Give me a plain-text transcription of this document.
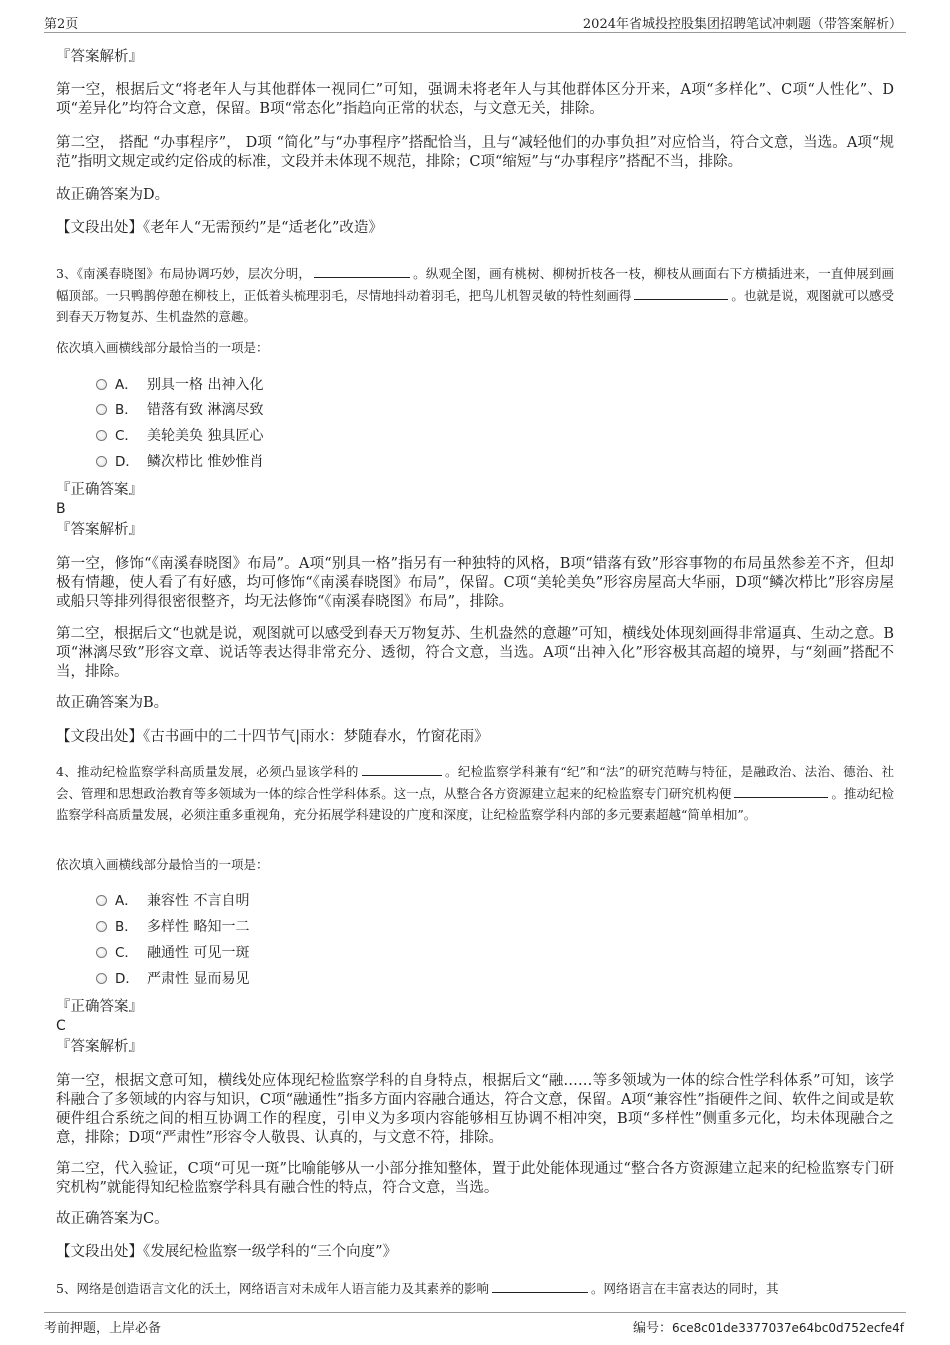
第2页	2024年省城投控股集团招聘笔试冲刺题（带答案解析）
『答案解析』
第一空，根据后文“将老年人与其他群体一视同仁”可知，强调未将老年人与其他群体区分开来，A项“多样化”、C项“人性化”、D项“差异化”均符合文意，保留。B项“常态化”指趋向正常的状态，与文意无关，排除。
第二空， 搭配 “办事程序”， D项 “简化”与“办事程序”搭配恰当，且与“减轻他们的办事负担”对应恰当，符合文意，当选。A项“规范”指明文规定或约定俗成的标准，文段并未体现不规范，排除；C项“缩短”与“办事程序”搭配不当，排除。
故正确答案为D。
【文段出处】《老年人“无需预约”是“适老化”改造》
3、《南溪春晓图》布局协调巧妙，层次分明，	。纵观全图，画有桃树、柳树折枝各一枝，柳枝从画面右下方横插进来，一直伸展到画幅顶部。一只鸭鹊停憩在柳枝上，正低着头梳理羽毛，尽情地抖动着羽毛，把鸟儿机智灵敏的特性刻画得	。也就是说，观图就可以感受到春天万物复苏、生机盎然的意趣。
依次填入画横线部分最恰当的一项是：
A． 别具一格 出神入化
B． 错落有致 淋漓尽致
C． 美轮美奂 独具匠心
D． 鳞次栉比 惟妙惟肖
『正确答案』
B
『答案解析』
第一空，修饰“《南溪春晓图》布局”。A项“别具一格”指另有一种独特的风格，B项“错落有致”形容事物的布局虽然参差不齐，但却极有情趣，使人看了有好感，均可修饰“《南溪春晓图》布局”，保留。C项“美轮美奂”形容房屋高大华丽，D项“鳞次栉比”形容房屋或船只等排列得很密很整齐，均无法修饰“《南溪春晓图》布局”，排除。
第二空，根据后文“也就是说，观图就可以感受到春天万物复苏、生机盎然的意趣”可知，横线处体现刻画得非常逼真、生动之意。B项“淋漓尽致”形容文章、说话等表达得非常充分、透彻，符合文意，当选。A项“出神入化”形容极其高超的境界，与“刻画”搭配不当，排除。
故正确答案为B。
【文段出处】《古书画中的二十四节气|雨水：梦随春水，竹窗花雨》
4、推动纪检监察学科高质量发展，必须凸显该学科的	。纪检监察学科兼有“纪”和“法”的研究范畴与特征，是融政治、法治、德治、社会、管理和思想政治教育等多领域为一体的综合性学科体系。这一点，从整合各方资源建立起来的纪检监察专门研究机构便	。推动纪检监察学科高质量发展，必须注重多重视角，充分拓展学科建设的广度和深度，让纪检监察学科内部的多元要素超越“简单相加”。
依次填入画横线部分最恰当的一项是：
A． 兼容性 不言自明
B． 多样性 略知一二
C． 融通性 可见一斑
D． 严肃性 显而易见
『正确答案』
C
『答案解析』
第一空，根据文意可知，横线处应体现纪检监察学科的自身特点，根据后文“融……等多领域为一体的综合性学科体系”可知，该学科融合了多领域的内容与知识，C项“融通性”指多方面内容融合通达，符合文意，保留。A项“兼容性”指硬件之间、软件之间或是软硬件组合系统之间的相互协调工作的程度，引申义为多项内容能够相互协调不相冲突，B项“多样性”侧重多元化，均未体现融合之意，排除；D项“严肃性”形容令人敬畏、认真的，与文意不符，排除。
第二空，代入验证，C项“可见一斑”比喻能够从一小部分推知整体，置于此处能体现通过“整合各方资源建立起来的纪检监察专门研究机构”就能得知纪检监察学科具有融合性的特点，符合文意，当选。
故正确答案为C。
【文段出处】《发展纪检监察一级学科的“三个向度”》
5、网络是创造语言文化的沃土，网络语言对未成年人语言能力及其素养的影响	。网络语言在丰富表达的同时，其
考前押题，上岸必备	编号：6ce8c01de3377037e64bc0d752ecfe4f
